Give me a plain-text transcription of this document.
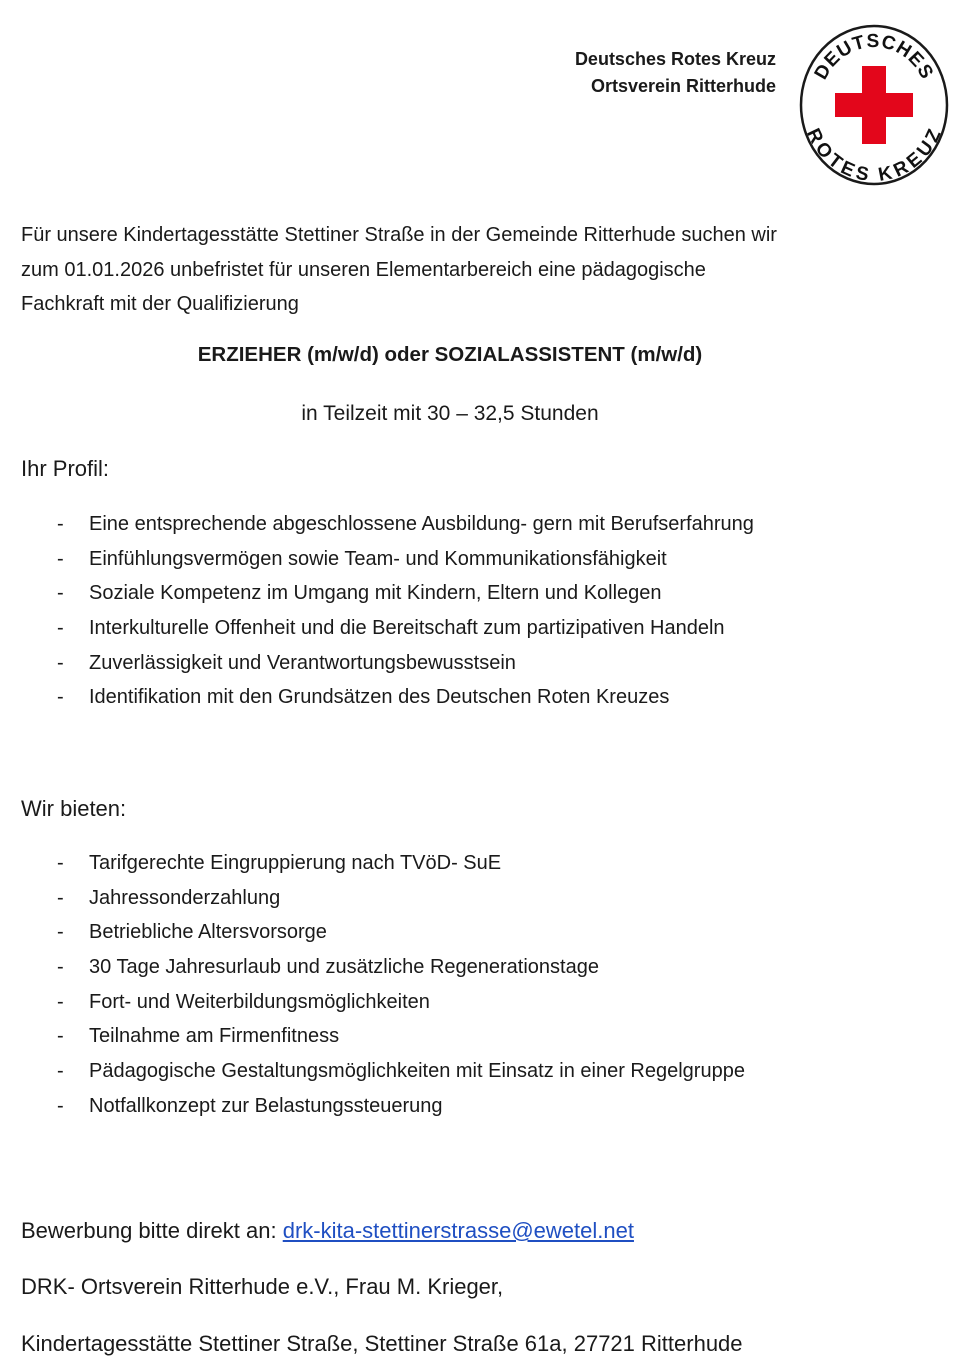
Deutsches Rotes Kreuz
Ortsverein Ritterhude
DEUTSCHES
ROTES KREUZ
Für unsere Kindertagesstätte Stettiner Straße in der Gemeinde Ritterhude suchen wir
zum 01.01.2026 unbefristet für unseren Elementarbereich eine pädagogische
Fachkraft mit der Qualifizierung
ERZIEHER (m/w/d) oder SOZIALASSISTENT (m/w/d)
in Teilzeit mit 30 – 32,5 Stunden
Ihr Profil:
- Eine entsprechende abgeschlossene Ausbildung- gern mit Berufserfahrung
- Einfühlungsvermögen sowie Team- und Kommunikationsfähigkeit
- Soziale Kompetenz im Umgang mit Kindern, Eltern und Kollegen
- Interkulturelle Offenheit und die Bereitschaft zum partizipativen Handeln
- Zuverlässigkeit und Verantwortungsbewusstsein
- Identifikation mit den Grundsätzen des Deutschen Roten Kreuzes
Wir bieten:
- Tarifgerechte Eingruppierung nach TVöD- SuE
- Jahressonderzahlung
- Betriebliche Altersvorsorge
- 30 Tage Jahresurlaub und zusätzliche Regenerationstage
- Fort- und Weiterbildungsmöglichkeiten
- Teilnahme am Firmenfitness
- Pädagogische Gestaltungsmöglichkeiten mit Einsatz in einer Regelgruppe
- Notfallkonzept zur Belastungssteuerung

Bewerbung bitte direkt an: drk-kita-stettinerstrasse@ewetel.net

DRK- Ortsverein Ritterhude e.V., Frau M. Krieger,

Kindertagesstätte Stettiner Straße, Stettiner Straße 61a, 27721 Ritterhude
